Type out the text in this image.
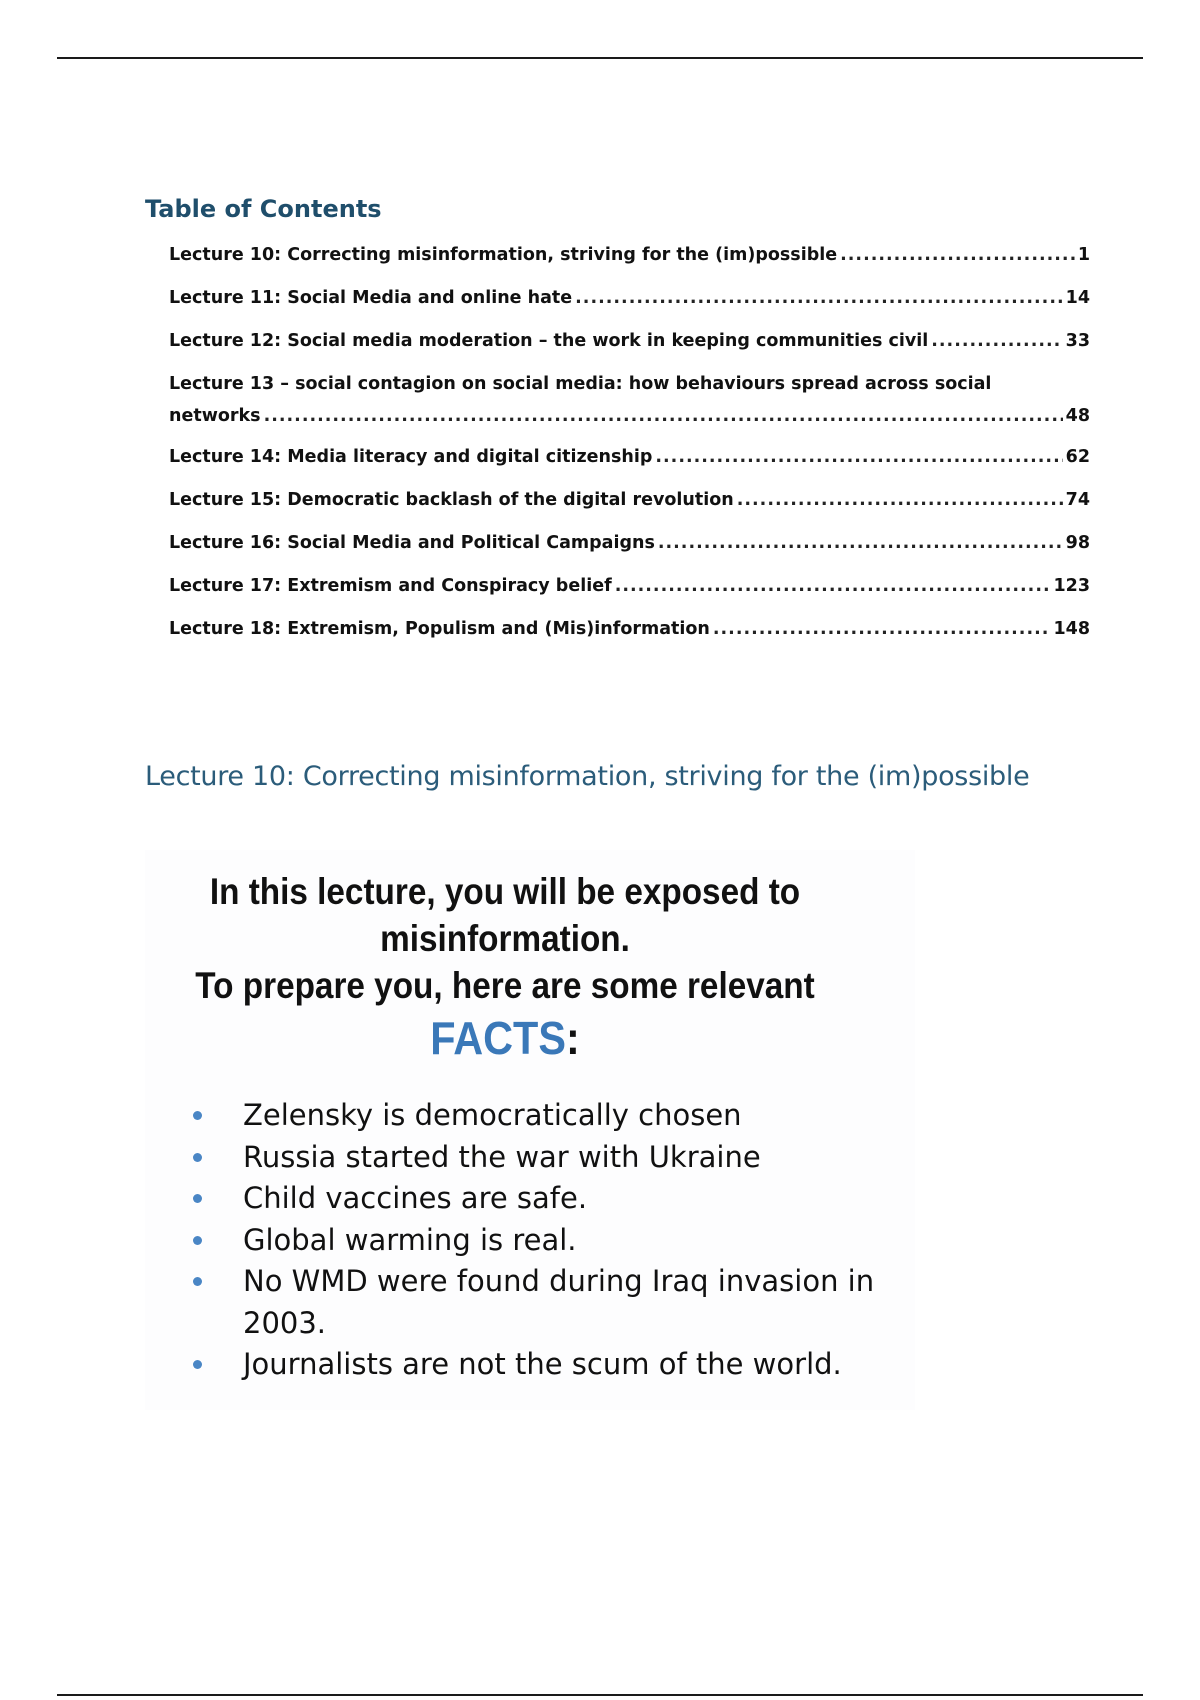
Table of Contents
Lecture 10: Correcting misinformation, striving for the (im)possible .....	1
Lecture 11: Social Media and online hate .....	14
Lecture 12: Social media moderation – the work in keeping communities civil .....	33
Lecture 13 – social contagion on social media: how behaviours spread across social
networks .....	48
Lecture 14: Media literacy and digital citizenship .....	62
Lecture 15: Democratic backlash of the digital revolution .....	74
Lecture 16: Social Media and Political Campaigns .....	98
Lecture 17: Extremism and Conspiracy belief .....	123
Lecture 18: Extremism, Populism and (Mis)information .....	148
Lecture 10: Correcting misinformation, striving for the (im)possible

In this lecture, you will be exposed to

misinformation.

To prepare you, here are some relevant

FACTS:
Zelensky is democratically chosen
Russia started the war with Ukraine
Child vaccines are safe.
Global warming is real.
No WMD were found during Iraq invasion in 2003.
Journalists are not the scum of the world.
